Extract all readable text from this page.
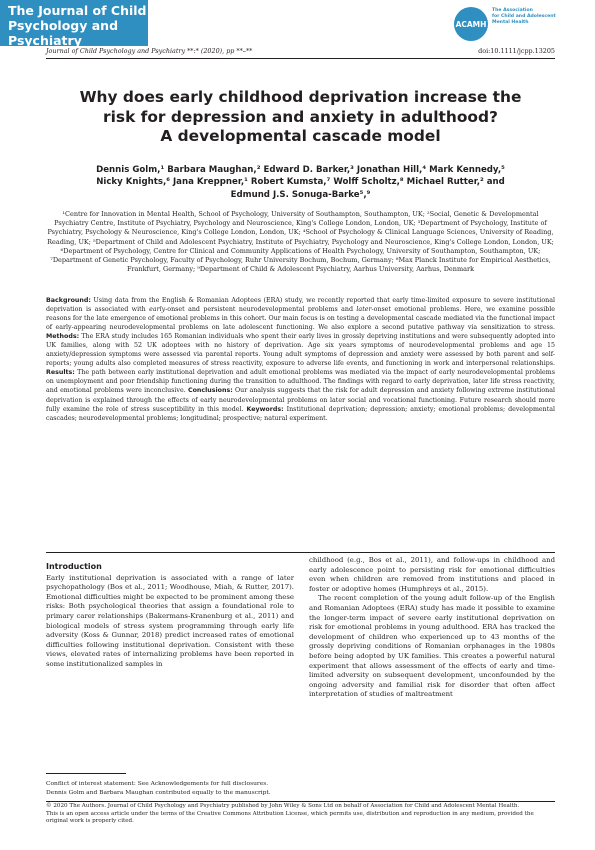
The Journal of Child
Psychology and Psychiatry
ACAMH
The Association
for Child and Adolescent
Mental Health
Journal of Child Psychology and Psychiatry **:* (2020), pp **–**	doi:10.1111/jcpp.13205
Why does early childhood deprivation increase the
risk for depression and anxiety in adulthood?
A developmental cascade model
Dennis Golm,¹ Barbara Maughan,² Edward D. Barker,³ Jonathan Hill,⁴ Mark Kennedy,⁵
Nicky Knights,⁶ Jana Kreppner,¹ Robert Kumsta,⁷ Wolff Scholtz,⁸ Michael Rutter,² and
Edmund J.S. Sonuga-Barke⁵,⁹
¹Centre for Innovation in Mental Health, School of Psychology, University of Southampton, Southampton, UK; ²Social, Genetic & Developmental Psychiatry Centre, Institute of Psychiatry, Psychology and Neuroscience, King's College London, London, UK; ³Department of Psychology, Institute of Psychiatry, Psychology & Neuroscience, King's College London, London, UK; ⁴School of Psychology & Clinical Language Sciences, University of Reading, Reading, UK; ⁵Department of Child and Adolescent Psychiatry, Institute of Psychiatry, Psychology and Neuroscience, King's College London, London, UK; ⁶Department of Psychology, Centre for Clinical and Community Applications of Health Psychology, University of Southampton, Southampton, UK; ⁷Department of Genetic Psychology, Faculty of Psychology, Ruhr University Bochum, Bochum, Germany; ⁸Max Planck Institute for Empirical Aesthetics, Frankfurt, Germany; ⁹Department of Child & Adolescent Psychiatry, Aarhus University, Aarhus, Denmark
Background: Using data from the English & Romanian Adoptees (ERA) study, we recently reported that early time-limited exposure to severe institutional deprivation is associated with early-onset and persistent neurodevelopmental problems and later-onset emotional problems. Here, we examine possible reasons for the late emergence of emotional problems in this cohort. Our main focus is on testing a developmental cascade mediated via the functional impact of early-appearing neurodevelopmental problems on late adolescent functioning. We also explore a second putative pathway via sensitization to stress. Methods: The ERA study includes 165 Romanian individuals who spent their early lives in grossly depriving institutions and were subsequently adopted into UK families, along with 52 UK adoptees with no history of deprivation. Age six years symptoms of neurodevelopmental problems and age 15 anxiety/depression symptoms were assessed via parental reports. Young adult symptoms of depression and anxiety were assessed by both parent and self-reports; young adults also completed measures of stress reactivity, exposure to adverse life events, and functioning in work and interpersonal relationships. Results: The path between early institutional deprivation and adult emotional problems was mediated via the impact of early neurodevelopmental problems on unemployment and poor friendship functioning during the transition to adulthood. The findings with regard to early deprivation, later life stress reactivity, and emotional problems were inconclusive. Conclusions: Our analysis suggests that the risk for adult depression and anxiety following extreme institutional deprivation is explained through the effects of early neurodevelopmental problems on later social and vocational functioning. Future research should more fully examine the role of stress susceptibility in this model. Keywords: Institutional deprivation; depression; anxiety; emotional problems; developmental cascades; neurodevelopmental problems; longitudinal; prospective; natural experiment.
Introduction

Early institutional deprivation is associated with a range of later psychopathology (Bos et al., 2011; Woodhouse, Miah, & Rutter, 2017). Emotional difficulties might be expected to be prominent among these risks: Both psychological theories that assign a foundational role to primary carer relationships (Bakermans-Kranenburg et al., 2011) and biological models of stress system programming through early life adversity (Koss & Gunnar, 2018) predict increased rates of emotional difficulties following institutional deprivation. Consistent with these views, elevated rates of internalizing problems have been reported in some institutionalized samples in

childhood (e.g., Bos et al., 2011), and follow-ups in childhood and early adolescence point to persisting risk for emotional difficulties even when children are removed from institutions and placed in foster or adoptive homes (Humphreys et al., 2015).

The recent completion of the young adult follow-up of the English and Romanian Adoptees (ERA) study has made it possible to examine the longer-term impact of severe early institutional deprivation on risk for emotional problems in young adulthood. ERA has tracked the development of children who experienced up to 43 months of the grossly depriving conditions of Romanian orphanages in the 1980s before being adopted by UK families. This creates a powerful natural experiment that allows assessment of the effects of early and time-limited adversity on subsequent development, unconfounded by the ongoing adversity and familial risk for disorder that often affect interpretation of studies of maltreatment

Conflict of interest statement: See Acknowledgements for full disclosures.

Dennis Golm and Barbara Maughan contributed equally to the manuscript.

© 2020 The Authors. Journal of Child Psychology and Psychiatry published by John Wiley & Sons Ltd on behalf of Association for Child and Adolescent Mental Health.

This is an open access article under the terms of the Creative Commons Attribution License, which permits use, distribution and reproduction in any medium, provided the original work is properly cited.
